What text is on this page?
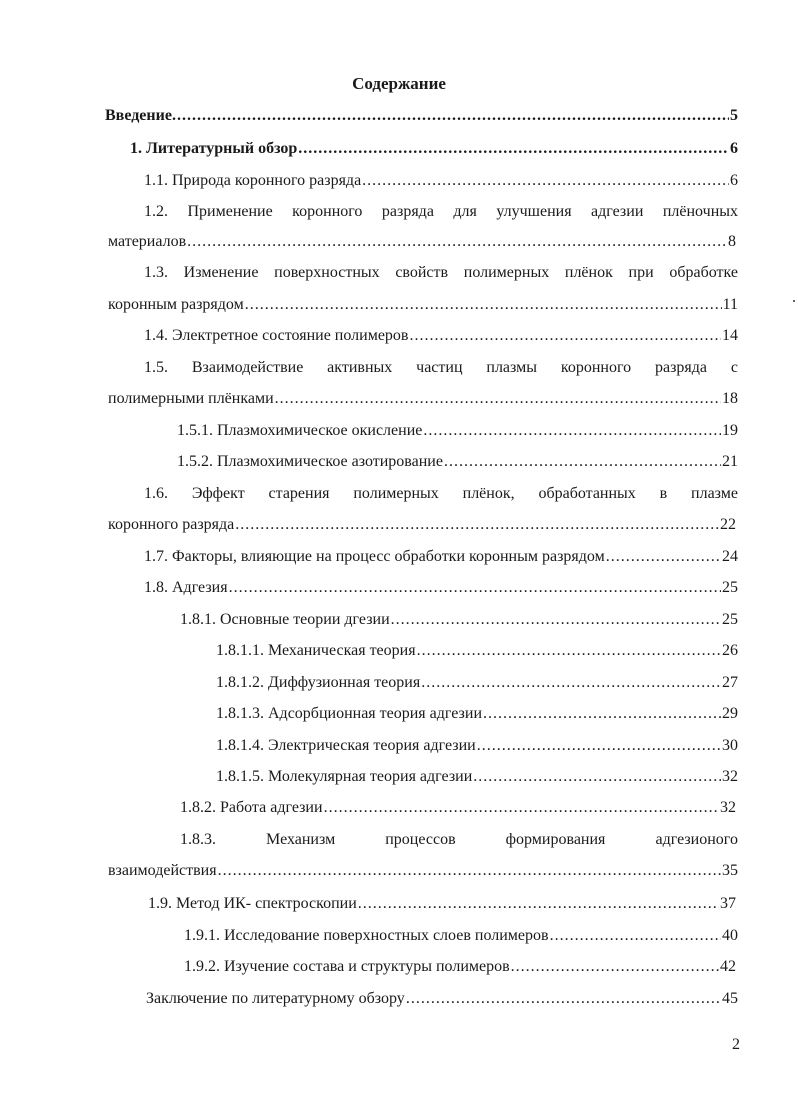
Содержание
Введение. .....	5
1. Литературный обзор .....	6
1.1. Природа коронного разряда .....	6
1.2. Применение коронного разряда для улучшения адгезии плёночных
материалов .....	8
1.3. Изменение поверхностных свойств полимерных плёнок при обработке
коронным разрядом .....	11
1.4. Электретное состояние полимеров .....	14
1.5. Взаимодействие активных частиц плазмы коронного разряда с
полимерными плёнками .....	18
1.5.1. Плазмохимическое окисление .....	19
1.5.2. Плазмохимическое азотирование .....	21
1.6. Эффект старения полимерных плёнок, обработанных в плазме
коронного разряда .....	22
1.7. Факторы, влияющие на процесс обработки коронным разрядом .....	24
1.8. Адгезия .....	25
1.8.1. Основные теории дгезии .....	25
1.8.1.1. Механическая теория .....	26
1.8.1.2. Диффузионная теория .....	27
1.8.1.3. Адсорбционная теория адгезии .....	29
1.8.1.4. Электрическая теория адгезии .....	30
1.8.1.5. Молекулярная теория адгезии .....	32
1.8.2. Работа адгезии .....	32
1.8.3.	Механизм	процессов	формирования	адгезионого
взаимодействия .....	35
1.9. Метод ИК- спектроскопии .....	37
1.9.1. Исследование поверхностных слоев полимеров .....	40
1.9.2. Изучение состава и структуры полимеров .....	42
Заключение по литературному обзору .....	45
2
